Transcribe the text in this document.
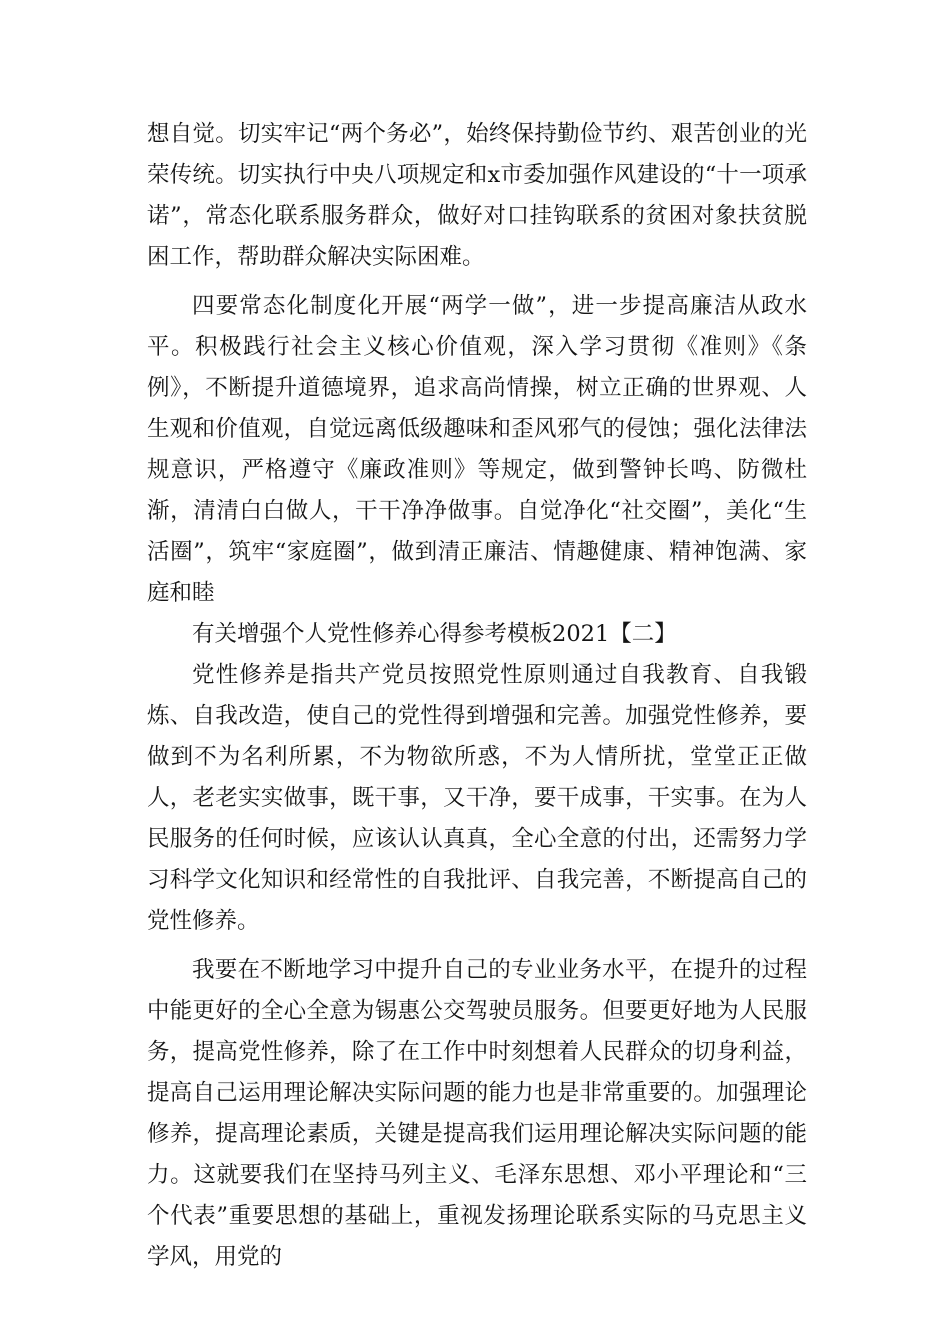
想自觉。切实牢记“两个务必”，始终保持勤俭节约、艰苦创业的光荣传统。切实执行中央八项规定和x市委加强作风建设的“十一项承诺”，常态化联系服务群众，做好对口挂钩联系的贫困对象扶贫脱困工作，帮助群众解决实际困难。

四要常态化制度化开展“两学一做”，进一步提高廉洁从政水平。积极践行社会主义核心价值观，深入学习贯彻《准则》《条例》，不断提升道德境界，追求高尚情操，树立正确的世界观、人生观和价值观，自觉远离低级趣味和歪风邪气的侵蚀；强化法律法规意识，严格遵守《廉政准则》等规定，做到警钟长鸣、防微杜渐，清清白白做人，干干净净做事。自觉净化“社交圈”，美化“生活圈”，筑牢“家庭圈”，做到清正廉洁、情趣健康、精神饱满、家庭和睦

有关增强个人党性修养心得参考模板2021【二】

党性修养是指共产党员按照党性原则通过自我教育、自我锻炼、自我改造，使自己的党性得到增强和完善。加强党性修养，要做到不为名利所累，不为物欲所惑，不为人情所扰，堂堂正正做人，老老实实做事，既干事，又干净，要干成事，干实事。在为人民服务的任何时候，应该认认真真，全心全意的付出，还需努力学习科学文化知识和经常性的自我批评、自我完善，不断提高自己的党性修养。

我要在不断地学习中提升自己的专业业务水平，在提升的过程中能更好的全心全意为锡惠公交驾驶员服务。但要更好地为人民服务，提高党性修养，除了在工作中时刻想着人民群众的切身利益，提高自己运用理论解决实际问题的能力也是非常重要的。加强理论修养，提高理论素质，关键是提高我们运用理论解决实际问题的能力。这就要我们在坚持马列主义、毛泽东思想、邓小平理论和“三个代表”重要思想的基础上，重视发扬理论联系实际的马克思主义学风，用党的
